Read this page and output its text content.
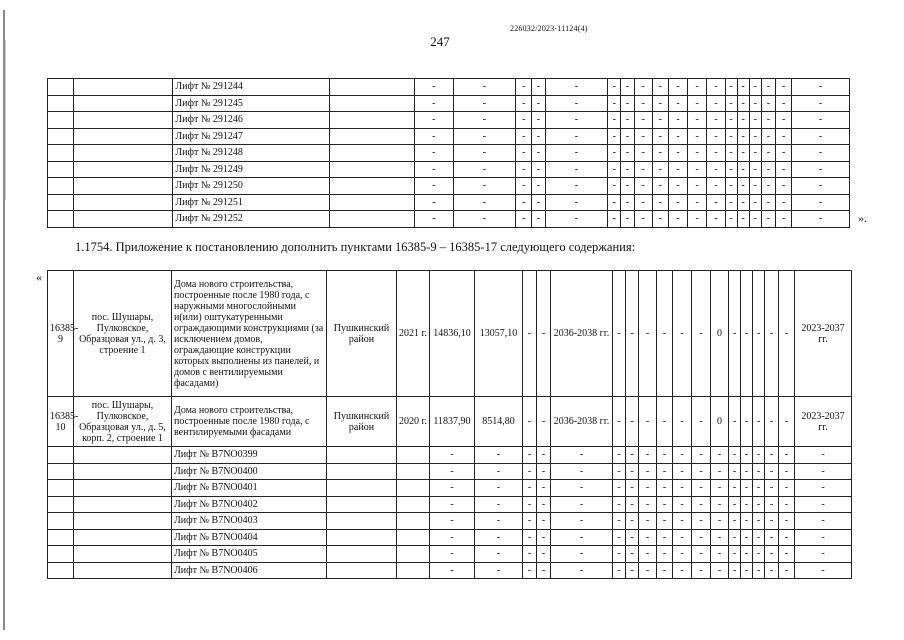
247
226032/2023-11124(4)
		Лифт № 291244		-	-	-	-	-	-	-	-	-	-	-	-	-	-	-	-	-	-
		Лифт № 291245		-	-	-	-	-	-	-	-	-	-	-	-	-	-	-	-	-	-
		Лифт № 291246		-	-	-	-	-	-	-	-	-	-	-	-	-	-	-	-	-	-
		Лифт № 291247		-	-	-	-	-	-	-	-	-	-	-	-	-	-	-	-	-	-
		Лифт № 291248		-	-	-	-	-	-	-	-	-	-	-	-	-	-	-	-	-	-
		Лифт № 291249		-	-	-	-	-	-	-	-	-	-	-	-	-	-	-	-	-	-
		Лифт № 291250		-	-	-	-	-	-	-	-	-	-	-	-	-	-	-	-	-	-
		Лифт № 291251		-	-	-	-	-	-	-	-	-	-	-	-	-	-	-	-	-	-
		Лифт № 291252		-	-	-	-	-	-	-	-	-	-	-	-	-	-	-	-	-	-	».
1.1754. Приложение к постановлению дополнить пунктами 16385-9 – 16385-17 следующего содержания:
«
16385-9	пос. Шушары, Пулковское, Образцовая ул., д. 3, строение 1	Дома нового строительства, построенные после 1980 года, с наружными многослойными и(или) оштукатуренными ограждающими конструкциями (за исключением домов, ограждающие конструкции которых выполнены из панелей, и домов с вентилируемыми фасадами)	Пушкинский район	2021 г.	14836,10	13057,10	-	-	2036-2038 гг.	-	-	-	-	-	-	0	-	-	-	-	-	2023-2037 гг.
16385-10	пос. Шушары, Пулковское, Образцовая ул., д. 5, корп. 2, строение 1	Дома нового строительства, построенные после 1980 года, с вентилируемыми фасадами	Пушкинский район	2020 г.	11837,90	8514,80	-	-	2036-2038 гг.	-	-	-	-	-	-	0	-	-	-	-	-	2023-2037 гг.
		Лифт № В7NO0399			-	-	-	-	-	-	-	-	-	-	-	-	-	-	-	-	-	-
		Лифт № В7NO0400			-	-	-	-	-	-	-	-	-	-	-	-	-	-	-	-	-	-
		Лифт № В7NO0401			-	-	-	-	-	-	-	-	-	-	-	-	-	-	-	-	-	-
		Лифт № В7NO0402			-	-	-	-	-	-	-	-	-	-	-	-	-	-	-	-	-	-
		Лифт № В7NO0403			-	-	-	-	-	-	-	-	-	-	-	-	-	-	-	-	-	-
		Лифт № В7NO0404			-	-	-	-	-	-	-	-	-	-	-	-	-	-	-	-	-	-
		Лифт № В7NO0405			-	-	-	-	-	-	-	-	-	-	-	-	-	-	-	-	-	-
		Лифт № В7NO0406			-	-	-	-	-	-	-	-	-	-	-	-	-	-	-	-	-	-
